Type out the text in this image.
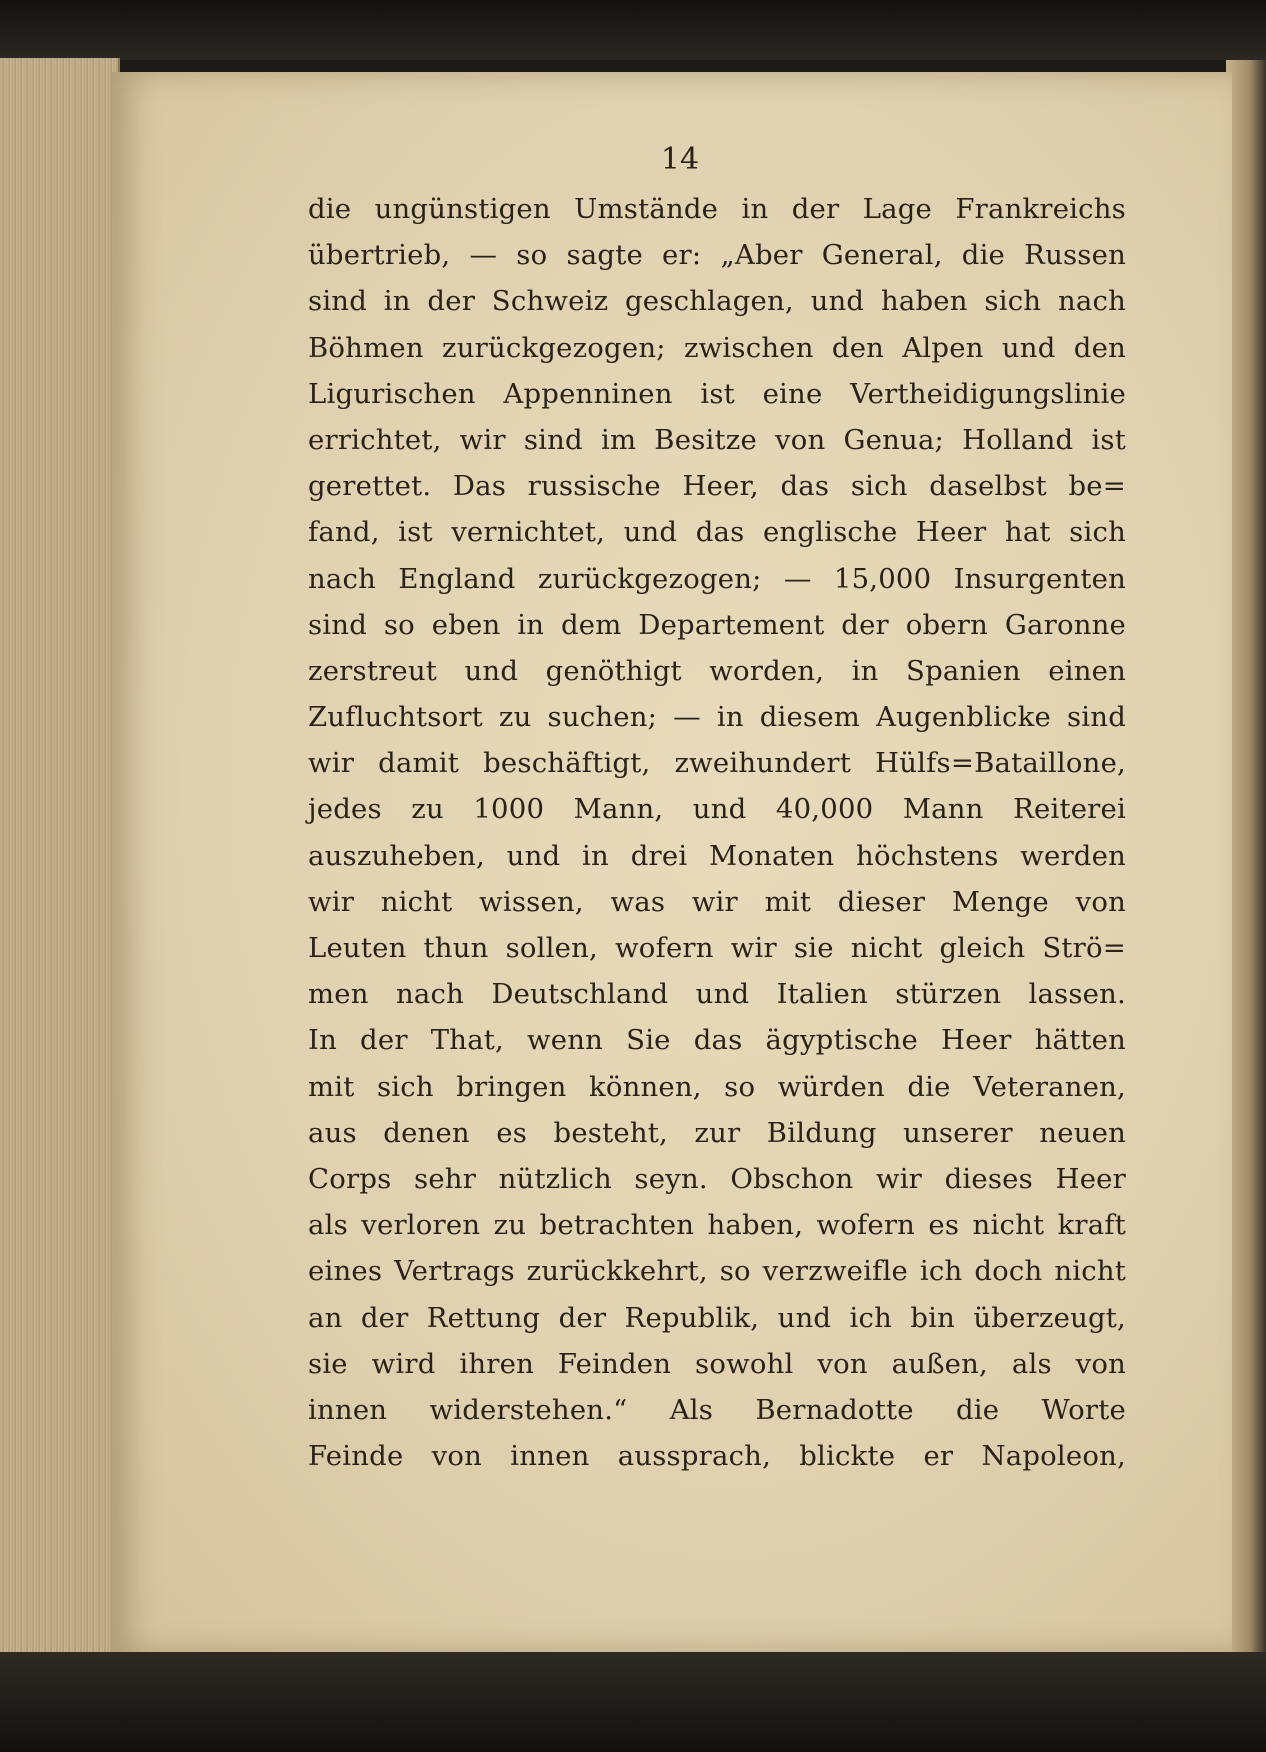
14
die ungünstigen Umstände in der Lage Frankreichs
übertrieb, — so sagte er: „Aber General, die Russen
sind in der Schweiz geschlagen, und haben sich nach
Böhmen zurückgezogen; zwischen den Alpen und den
Ligurischen Appenninen ist eine Vertheidigungslinie
errichtet, wir sind im Besitze von Genua; Holland ist
gerettet. Das russische Heer, das sich daselbst be=
fand, ist vernichtet, und das englische Heer hat sich
nach England zurückgezogen; — 15,000 Insurgenten
sind so eben in dem Departement der obern Garonne
zerstreut und genöthigt worden, in Spanien einen
Zufluchtsort zu suchen; — in diesem Augenblicke sind
wir damit beschäftigt, zweihundert Hülfs=Bataillone,
jedes zu 1000 Mann, und 40,000 Mann Reiterei
auszuheben, und in drei Monaten höchstens werden
wir nicht wissen, was wir mit dieser Menge von
Leuten thun sollen, wofern wir sie nicht gleich Strö=
men nach Deutschland und Italien stürzen lassen.
In der That, wenn Sie das ägyptische Heer hätten
mit sich bringen können, so würden die Veteranen,
aus denen es besteht, zur Bildung unserer neuen
Corps sehr nützlich seyn. Obschon wir dieses Heer
als verloren zu betrachten haben, wofern es nicht kraft
eines Vertrags zurückkehrt, so verzweifle ich doch nicht
an der Rettung der Republik, und ich bin überzeugt,
sie wird ihren Feinden sowohl von außen, als von
innen widerstehen.“ Als Bernadotte die Worte
Feinde von innen aussprach, blickte er Napoleon,
